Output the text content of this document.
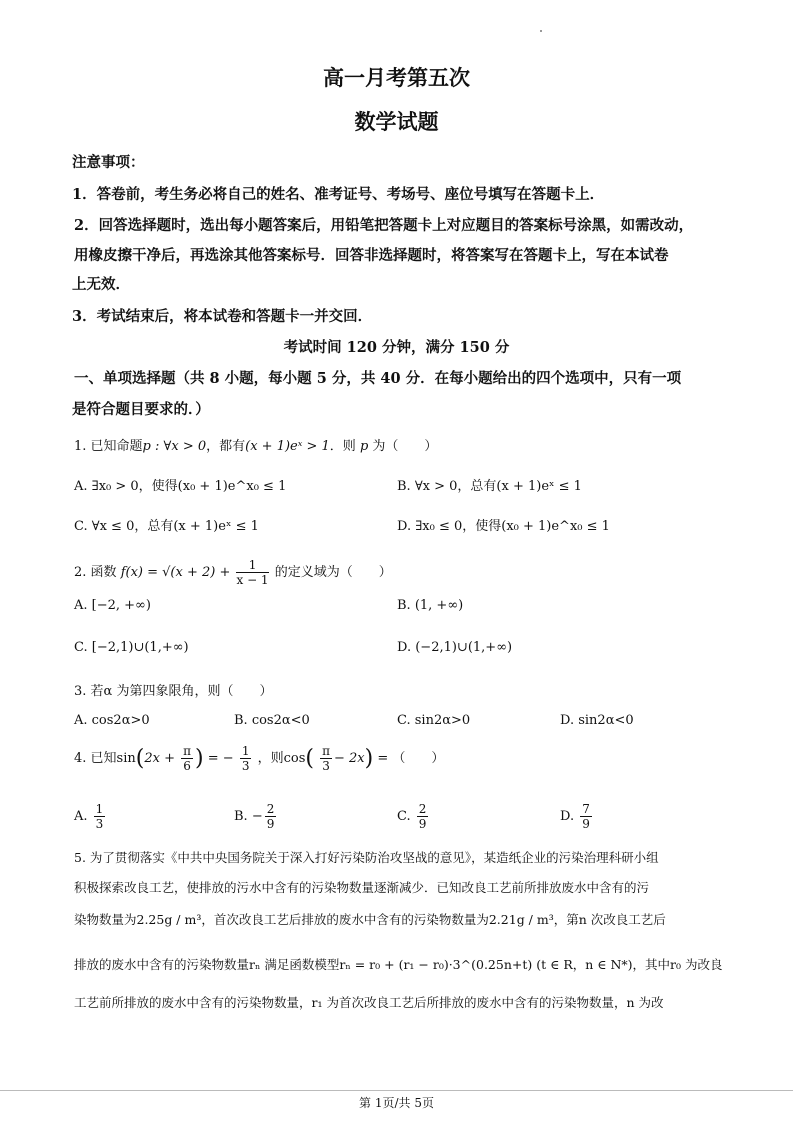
高一月考第五次
数学试题
注意事项：
1．答卷前，考生务必将自己的姓名、准考证号、考场号、座位号填写在答题卡上．
2．回答选择题时，选出每小题答案后，用铅笔把答题卡上对应题目的答案标号涂黑，如需改动，
用橡皮擦干净后，再选涂其他答案标号．回答非选择题时，将答案写在答题卡上，写在本试卷
上无效．
3．考试结束后，将本试卷和答题卡一并交回．
考试时间 120 分钟，满分 150 分
一、单项选择题（共 8 小题，每小题 5 分，共 40 分．在每小题给出的四个选项中，只有一项
是符合题目要求的．）
1. 已知命题p : ∀x > 0，都有(x + 1)eˣ > 1．则 p 为（　　）
A. ∃x₀ > 0，使得(x₀ + 1)e^x₀ ≤ 1	B. ∀x > 0，总有(x + 1)eˣ ≤ 1
C. ∀x ≤ 0，总有(x + 1)eˣ ≤ 1	D. ∃x₀ ≤ 0，使得(x₀ + 1)e^x₀ ≤ 1
2. 函数 $f(x) = √(x + 2) + \frac{1}{x - 1}$ 的定义域为（　　）
A. [−2, +∞)	B. (1, +∞)
C. [−2,1)∪(1,+∞)	D. (−2,1)∪(1,+∞)
3. 若α 为第四象限角，则（　　）
A. cos2α>0	B. cos2α<0	C. sin2α>0	D. sin2α<0
4. 已知$\sin(2x + \frac{\pi}{6}$ ) = − $\frac{1}{3}$ ，则$\cos( \frac{\pi}{3} - 2x)$ = （　　）
A. $\frac{1}{3}$	B. − $\frac{2}{9}$	C. $\frac{2}{9}$	D. $\frac{7}{9}$
5. 为了贯彻落实《中共中央国务院关于深入打好污染防治攻坚战的意见》，某造纸企业的污染治理科研小组
积极探索改良工艺，使排放的污水中含有的污染物数量逐渐减少．已知改良工艺前所排放废水中含有的污
染物数量为2.25g / m³，首次改良工艺后排放的废水中含有的污染物数量为2.21g / m³，第n 次改良工艺后
排放的废水中含有的污染物数量rₙ 满足函数模型rₙ = r₀ + (r₁ − r₀)·3^(0.25n+t) (t ∈ R，n ∈ N*)，其中r₀ 为改良
工艺前所排放的废水中含有的污染物数量，r₁ 为首次改良工艺后所排放的废水中含有的污染物数量，n 为改
第 1页/共 5页
